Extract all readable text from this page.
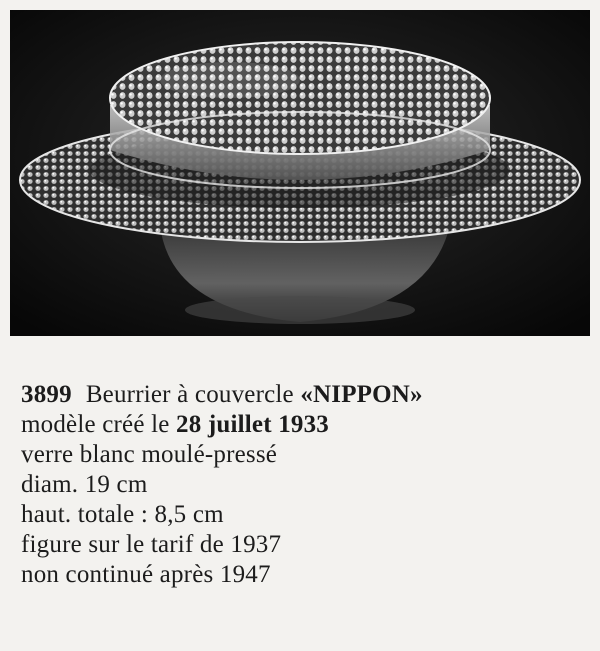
3899 Beurrier à couvercle «NIPPON»
modèle créé le 28 juillet 1933
verre blanc moulé-pressé
diam. 19 cm
haut. totale : 8,5 cm
figure sur le tarif de 1937
non continué après 1947
